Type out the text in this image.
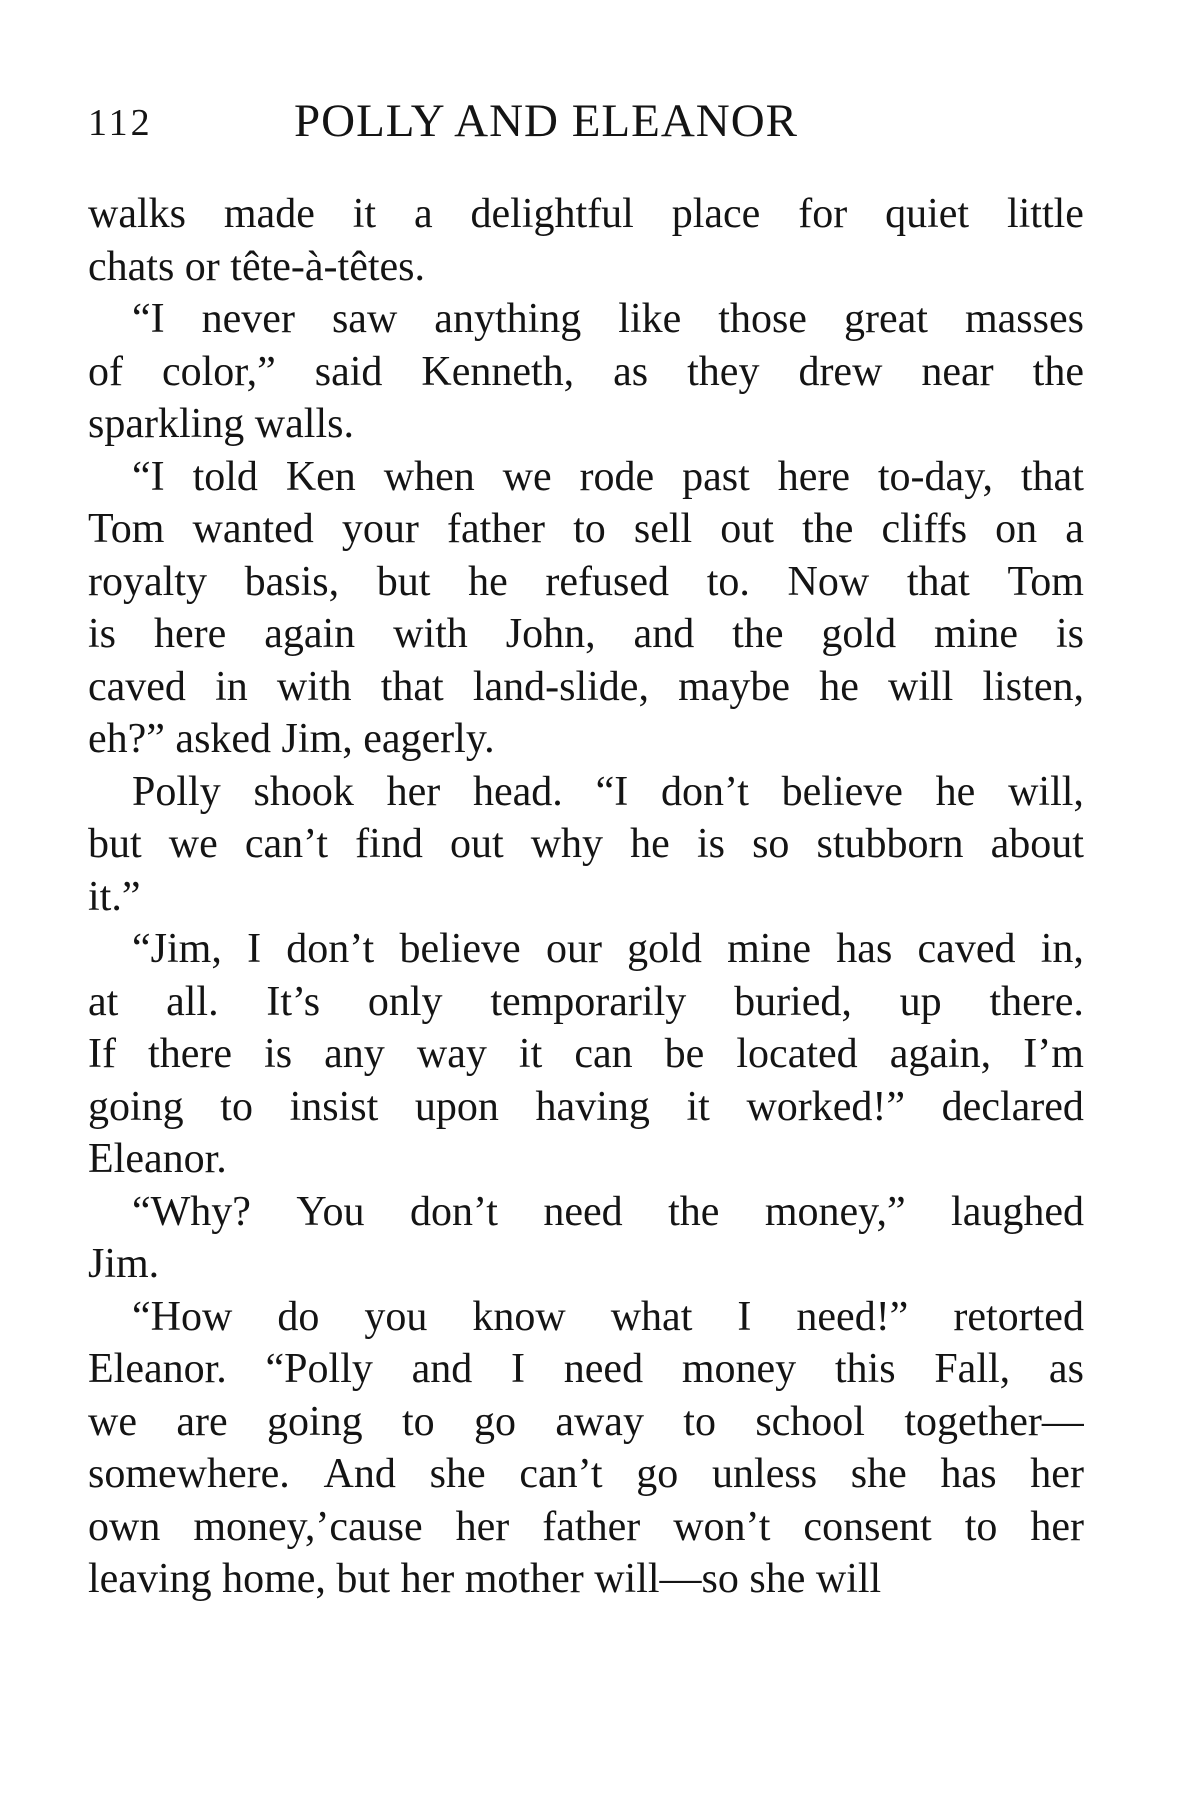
112	POLLY AND ELEANOR
walks made it a delightful place for quiet little
chats or tête-à-têtes.
“I never saw anything like those great masses
of color,” said Kenneth, as they drew near the
sparkling walls.
“I told Ken when we rode past here to-day, that
Tom wanted your father to sell out the cliffs on a
royalty basis, but he refused to. Now that Tom
is here again with John, and the gold mine is
caved in with that land-slide, maybe he will listen,
eh?” asked Jim, eagerly.
Polly shook her head. “I don’t believe he will,
but we can’t find out why he is so stubborn about
it.”
“Jim, I don’t believe our gold mine has caved in,
at all. It’s only temporarily buried, up there.
If there is any way it can be located again, I’m
going to insist upon having it worked!” declared
Eleanor.
“Why? You don’t need the money,” laughed
Jim.
“How do you know what I need!” retorted
Eleanor. “Polly and I need money this Fall, as
we are going to go away to school together—
somewhere. And she can’t go unless she has her
own money,’cause her father won’t consent to her
leaving home, but her mother will—so she will
